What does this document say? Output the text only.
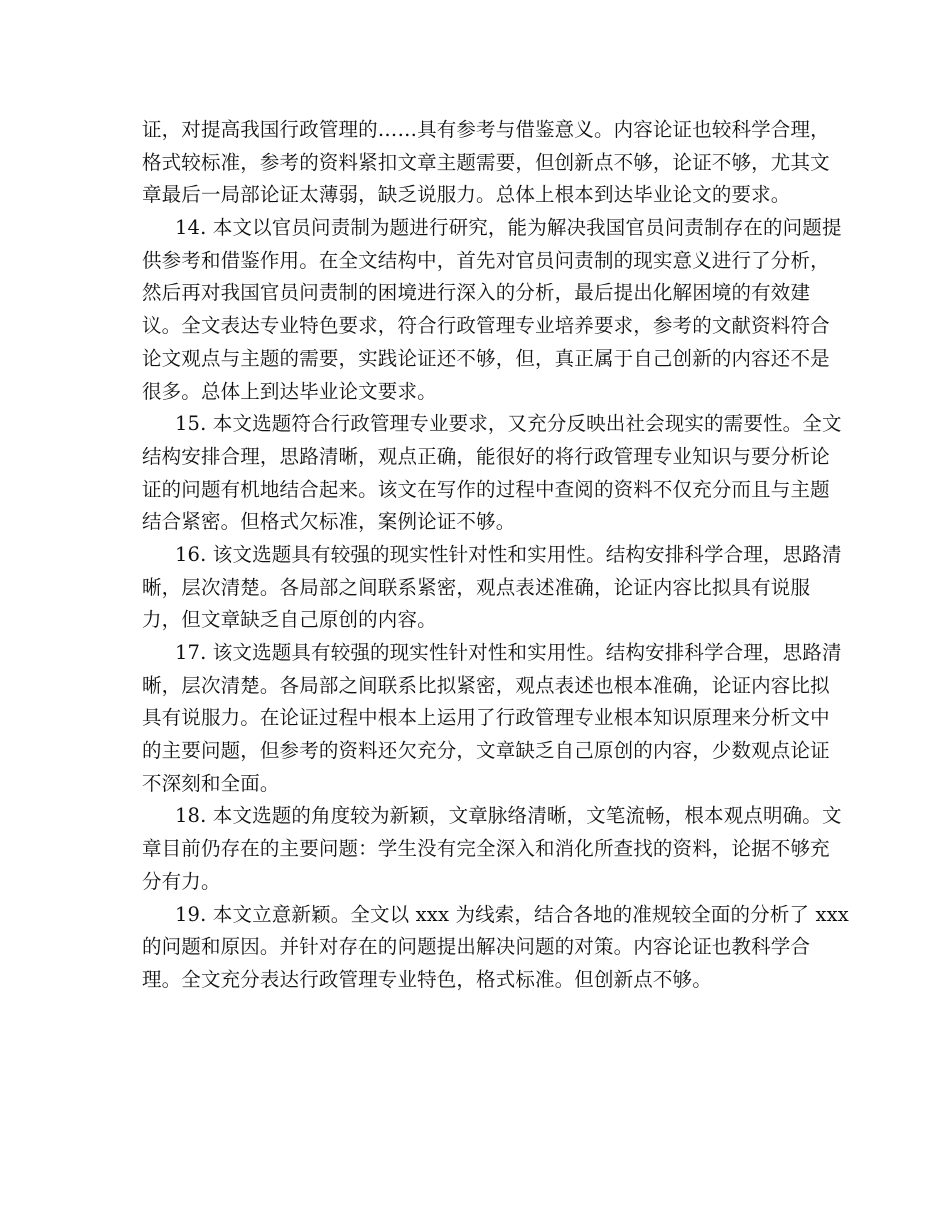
证，对提高我国行政管理的……具有参考与借鉴意义。内容论证也较科学合理，
格式较标准，参考的资料紧扣文章主题需要，但创新点不够，论证不够，尤其文
章最后一局部论证太薄弱，缺乏说服力。总体上根本到达毕业论文的要求。
14. 本文以官员问责制为题进行研究，能为解决我国官员问责制存在的问题提
供参考和借鉴作用。在全文结构中，首先对官员问责制的现实意义进行了分析，
然后再对我国官员问责制的困境进行深入的分析，最后提出化解困境的有效建
议。全文表达专业特色要求，符合行政管理专业培养要求，参考的文献资料符合
论文观点与主题的需要，实践论证还不够，但，真正属于自己创新的内容还不是
很多。总体上到达毕业论文要求。
15. 本文选题符合行政管理专业要求，又充分反映出社会现实的需要性。全文
结构安排合理，思路清晰，观点正确，能很好的将行政管理专业知识与要分析论
证的问题有机地结合起来。该文在写作的过程中查阅的资料不仅充分而且与主题
结合紧密。但格式欠标准，案例论证不够。
16. 该文选题具有较强的现实性针对性和实用性。结构安排科学合理，思路清
晰，层次清楚。各局部之间联系紧密，观点表述准确，论证内容比拟具有说服
力，但文章缺乏自己原创的内容。
17. 该文选题具有较强的现实性针对性和实用性。结构安排科学合理，思路清
晰，层次清楚。各局部之间联系比拟紧密，观点表述也根本准确，论证内容比拟
具有说服力。在论证过程中根本上运用了行政管理专业根本知识原理来分析文中
的主要问题，但参考的资料还欠充分，文章缺乏自己原创的内容，少数观点论证
不深刻和全面。
18. 本文选题的角度较为新颖，文章脉络清晰，文笔流畅，根本观点明确。文
章目前仍存在的主要问题：学生没有完全深入和消化所查找的资料，论据不够充
分有力。
19. 本文立意新颖。全文以 xxx 为线索，结合各地的准规较全面的分析了 xxx
的问题和原因。并针对存在的问题提出解决问题的对策。内容论证也教科学合
理。全文充分表达行政管理专业特色，格式标准。但创新点不够。
